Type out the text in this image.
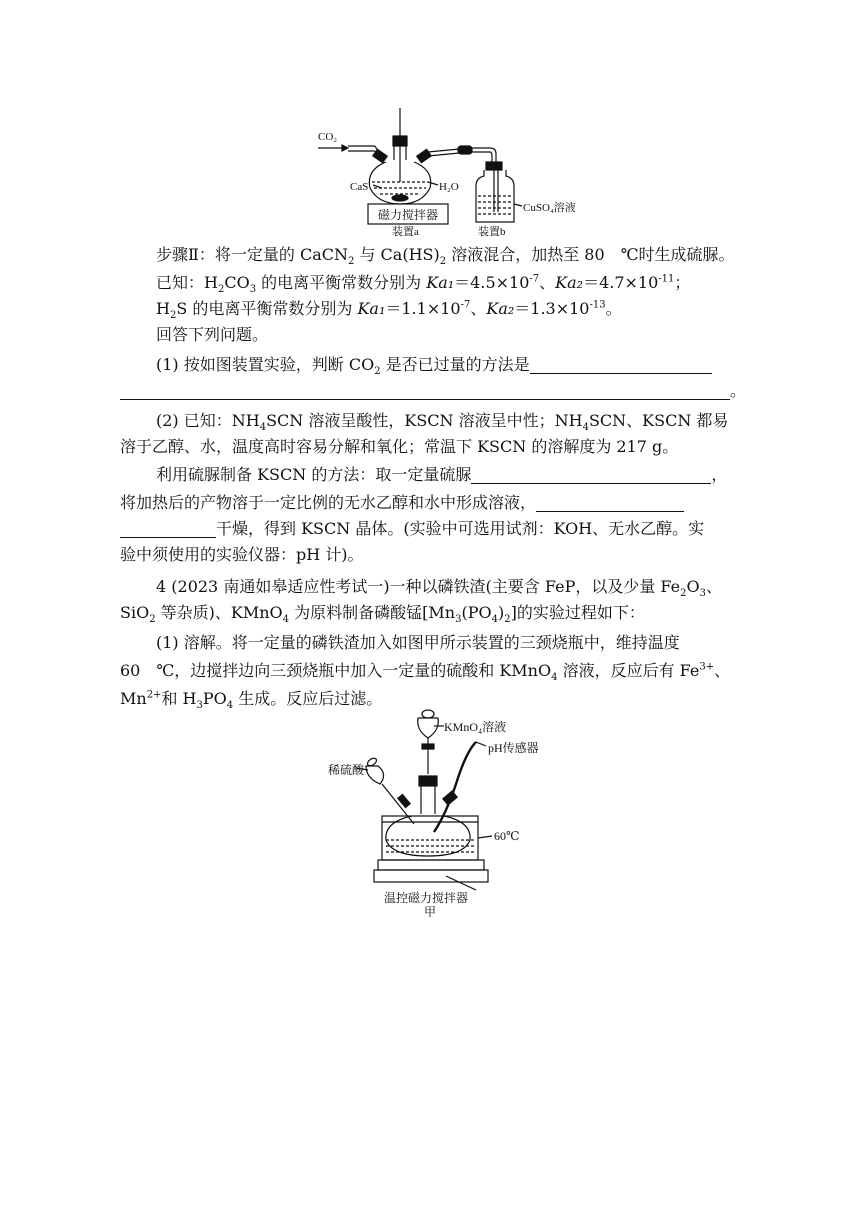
CO₂
CaS	H₂O
磁力搅拌器	CuSO₄溶液
装置a	装置b
步骤Ⅱ：将一定量的 CaCN$_2$ 与 $Ca(HS)_2$ 溶液混合，加热至 80　℃时生成硫脲。
已知：$H_2CO_3$ 的电离平衡常数分别为 $Ka_1=4.5\times 10^{-7}$、$Ka_2=4.7\times 10^{-11}$；
$H_2S$ 的电离平衡常数分别为 $Ka_1=1.1\times 10^{-7}$、$Ka_2=1.3\times 10^{-13}$。
回答下列问题。
(1) 按如图装置实验，判断 $CO_2$ 是否已过量的方法是
。
(2) 已知：$NH_4SCN$ 溶液呈酸性，KSCN 溶液呈中性；$NH_4SCN$、KSCN 都易
溶于乙醇、水，温度高时容易分解和氧化；常温下 KSCN 的溶解度为 217 g。
利用硫脲制备 KSCN 的方法：取一定量硫脲	，
将加热后的产物溶于一定比例的无水乙醇和水中形成溶液，
干燥，得到 KSCN 晶体。(实验中可选用试剂：KOH、无水乙醇。实
验中须使用的实验仪器：pH 计)。
4 (2023 南通如皋适应性考试一)一种以磷铁渣(主要含 FeP，以及少量 $Fe_2O_3$、
SiO$_2$ 等杂质)、KMnO$_4$ 为原料制备磷酸锰$[Mn_3(PO_4)_2]$的实验过程如下：
(1) 溶解。将一定量的磷铁渣加入如图甲所示装置的三颈烧瓶中，维持温度
60　℃，边搅拌边向三颈烧瓶中加入一定量的硫酸和 KMnO$_4$ 溶液，反应后有 $Fe^{3+}$、
$Mn^{2+}$和 $H_3PO_4$ 生成。反应后过滤。
KMnO₄溶液
稀硫酸
pH传感器
60℃
温控磁力搅拌器
甲
